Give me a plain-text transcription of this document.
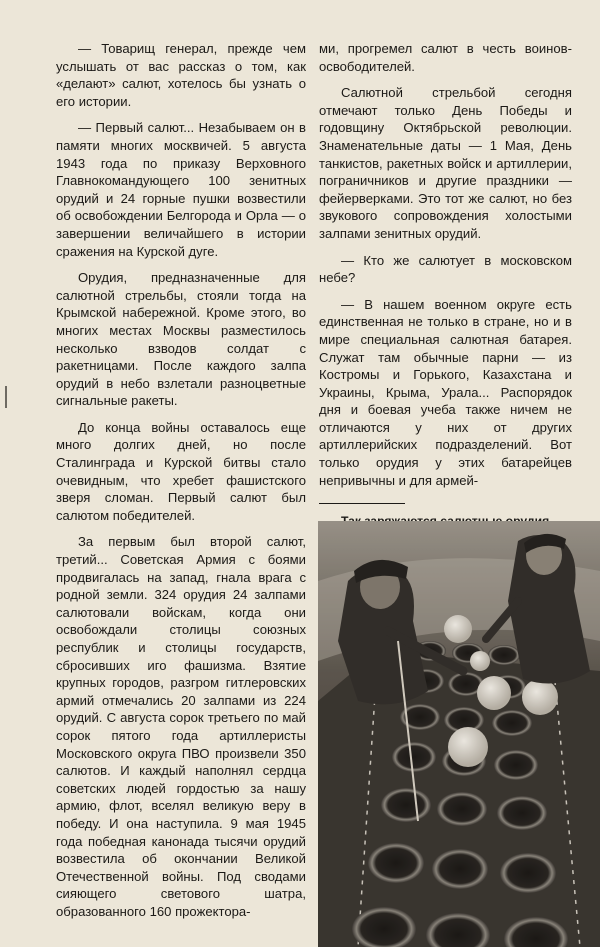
— Товарищ генерал, прежде чем услышать от вас рассказ о том, как «делают» салют, хотелось бы узнать о его истории.

— Первый салют... Незабываем он в памяти многих москвичей. 5 августа 1943 года по приказу Верховного Главнокомандующего 100 зенитных орудий и 24 горные пушки возвестили об освобождении Белгорода и Орла — о завершении величайшего в истории сражения на Курской дуге.

Орудия, предназначенные для салютной стрельбы, стояли тогда на Крымской набережной. Кроме этого, во многих местах Москвы разместилось несколько взводов солдат с ракетницами. После каждого залпа орудий в небо взлетали разноцветные сигнальные ракеты.

До конца войны оставалось еще много долгих дней, но после Сталинграда и Курской битвы стало очевидным, что хребет фашистского зверя сломан. Первый салют был салютом победителей.

За первым был второй салют, третий... Советская Армия с боями продвигалась на запад, гнала врага с родной земли. 324 орудия 24 залпами салютовали войскам, когда они освобождали столицы союзных республик и столицы государств, сбросивших иго фашизма. Взятие крупных городов, разгром гитлеровских армий отмечались 20 залпами из 224 орудий. С августа сорок третьего по май сорок пятого года артиллеристы Московского округа ПВО произвели 350 салютов. И каждый наполнял сердца советских людей гордостью за нашу армию, флот, вселял великую веру в победу. И она наступила. 9 мая 1945 года победная канонада тысячи орудий возвестила об окончании Великой Отечественной войны. Под сводами сияющего светового шатра, образованного 160 прожектора-

ми, прогремел салют в честь воинов-освободителей.

Салютной стрельбой сегодня отмечают только День Победы и годовщину Октябрьской революции. Знаменательные даты — 1 Мая, День танкистов, ракетных войск и артиллерии, пограничников и другие праздники — фейерверками. Это тот же салют, но без звукового сопровождения холостыми залпами зенитных орудий.

— Кто же салютует в московском небе?

— В нашем военном округе есть единственная не только в стране, но и в мире специальная салютная батарея. Служат там обычные парни — из Костромы и Горького, Казахстана и Украины, Крыма, Урала... Распорядок дня и боевая учеба также ничем не отличаются у них от других артиллерийских подразделений. Вот только орудия у этих батарейцев непривычны и для армей-
